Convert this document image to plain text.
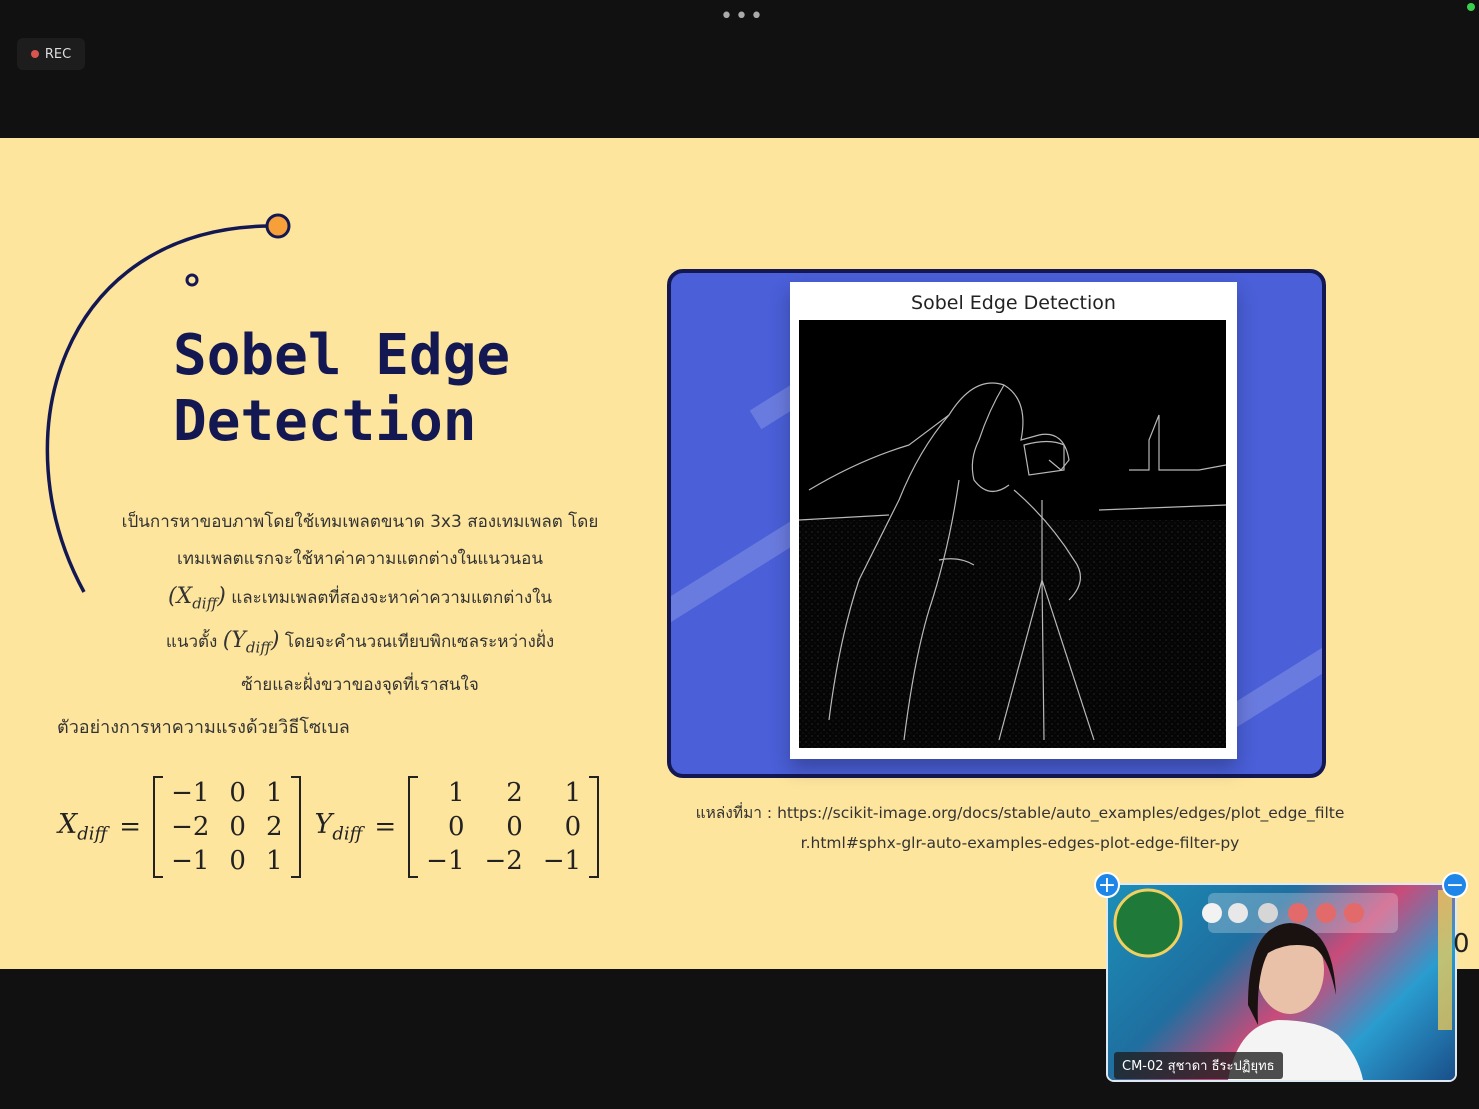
•••
REC
Sobel Edge
Detection
เป็นการหาขอบภาพโดยใช้เทมเพลตขนาด 3x3 สองเทมเพลต โดย
เทมเพลตแรกจะใช้หาค่าความแตกต่างในแนวนอน
$(X_{diff})$ และเทมเพลตที่สองจะหาค่าความแตกต่างใน
แนวตั้ง $(Y_{diff})$ โดยจะคำนวณเทียบพิกเซลระหว่างฝั่ง
ซ้ายและฝั่งขวาของจุดที่เราสนใจ
ตัวอย่างการหาความแรงด้วยวิธีโซเบล
$X_{diff}$ =
−1	0	1
−2	0	2
−1	0	1
$Y_{diff}$ =
1	2	1
0	0	0
−1	−2	−1
Sobel Edge Detection
แหล่งที่มา : https://scikit-image.org/docs/stable/auto_examples/edges/plot_edge_filte
r.html#sphx-glr-auto-examples-edges-plot-edge-filter-py
CM-02 สุชาดา ธีระปฏิยุทธ
+	−
0
